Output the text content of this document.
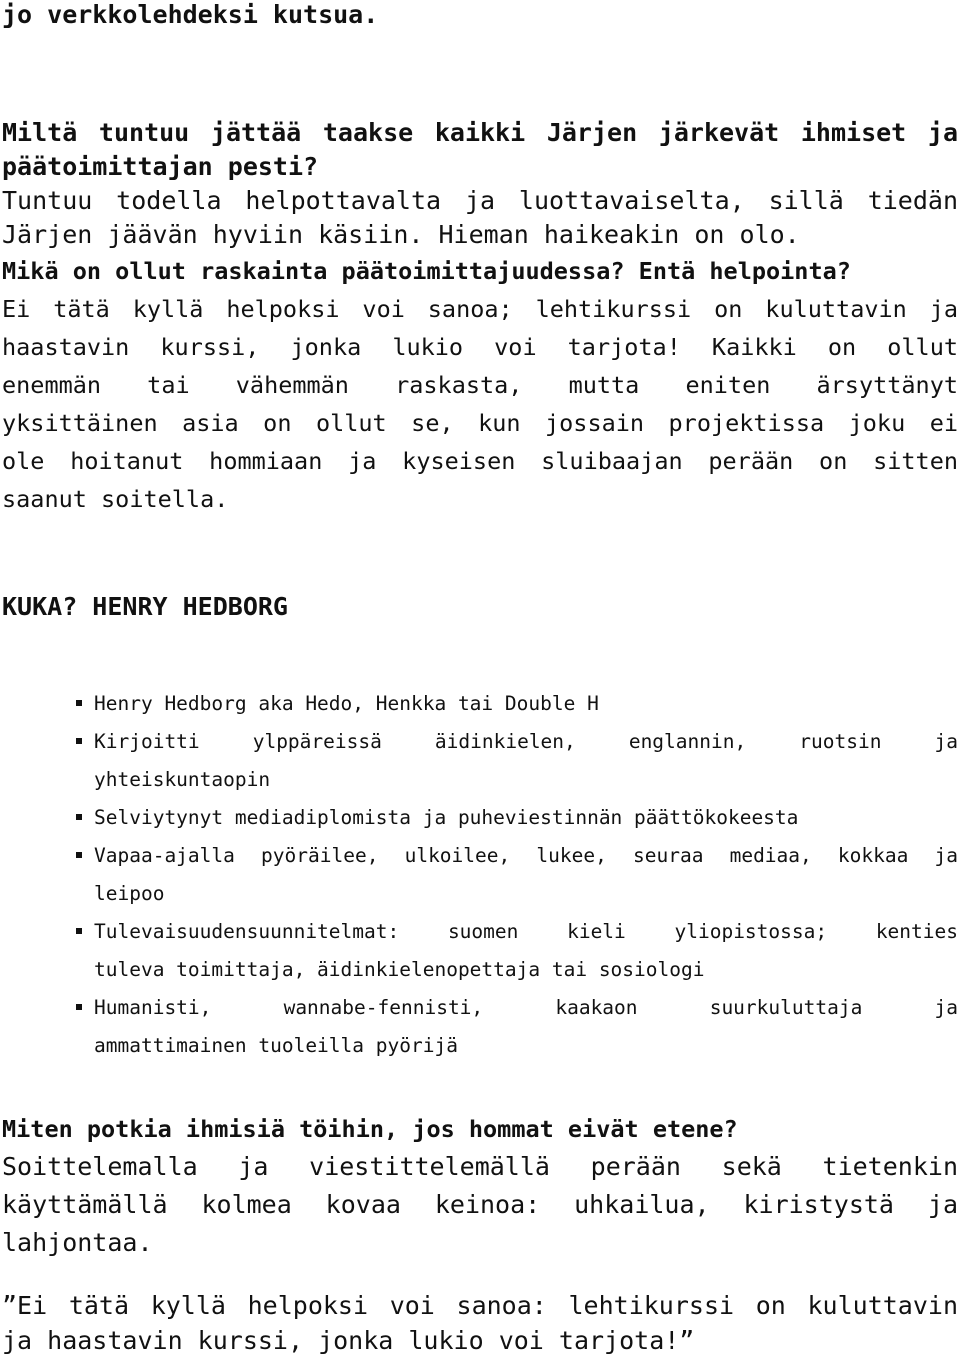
jo verkkolehdeksi kutsua.
Miltä tuntuu jättää taakse kaikki Järjen järkevät ihmiset ja
päätoimittajan pesti?
Tuntuu todella helpottavalta ja luottavaiselta, sillä tiedän
Järjen jäävän hyviin käsiin. Hieman haikeakin on olo.
Mikä on ollut raskainta päätoimittajuudessa? Entä helpointa?
Ei tätä kyllä helpoksi voi sanoa; lehtikurssi on kuluttavin ja
haastavin kurssi, jonka lukio voi tarjota! Kaikki on ollut
enemmän tai vähemmän raskasta, mutta eniten ärsyttänyt
yksittäinen asia on ollut se, kun jossain projektissa joku ei
ole hoitanut hommiaan ja kyseisen sluibaajan perään on sitten
saanut soitella.
KUKA? HENRY HEDBORG
Henry Hedborg aka Hedo, Henkka tai Double H
Kirjoitti ylppäreissä äidinkielen, englannin, ruotsin ja
yhteiskuntaopin
Selviytynyt mediadiplomista ja puheviestinnän päättökokeesta
Vapaa-ajalla pyöräilee, ulkoilee, lukee, seuraa mediaa, kokkaa ja
leipoo
Tulevaisuudensuunnitelmat: suomen kieli yliopistossa; kenties
tuleva toimittaja, äidinkielenopettaja tai sosiologi
Humanisti, wannabe-fennisti, kaakaon suurkuluttaja ja
ammattimainen tuoleilla pyörijä
Miten potkia ihmisiä töihin, jos hommat eivät etene?
Soittelemalla ja viestittelemällä perään sekä tietenkin
käyttämällä kolmea kovaa keinoa: uhkailua, kiristystä ja
lahjontaa.
”Ei tätä kyllä helpoksi voi sanoa: lehtikurssi on kuluttavin
ja haastavin kurssi, jonka lukio voi tarjota!”
